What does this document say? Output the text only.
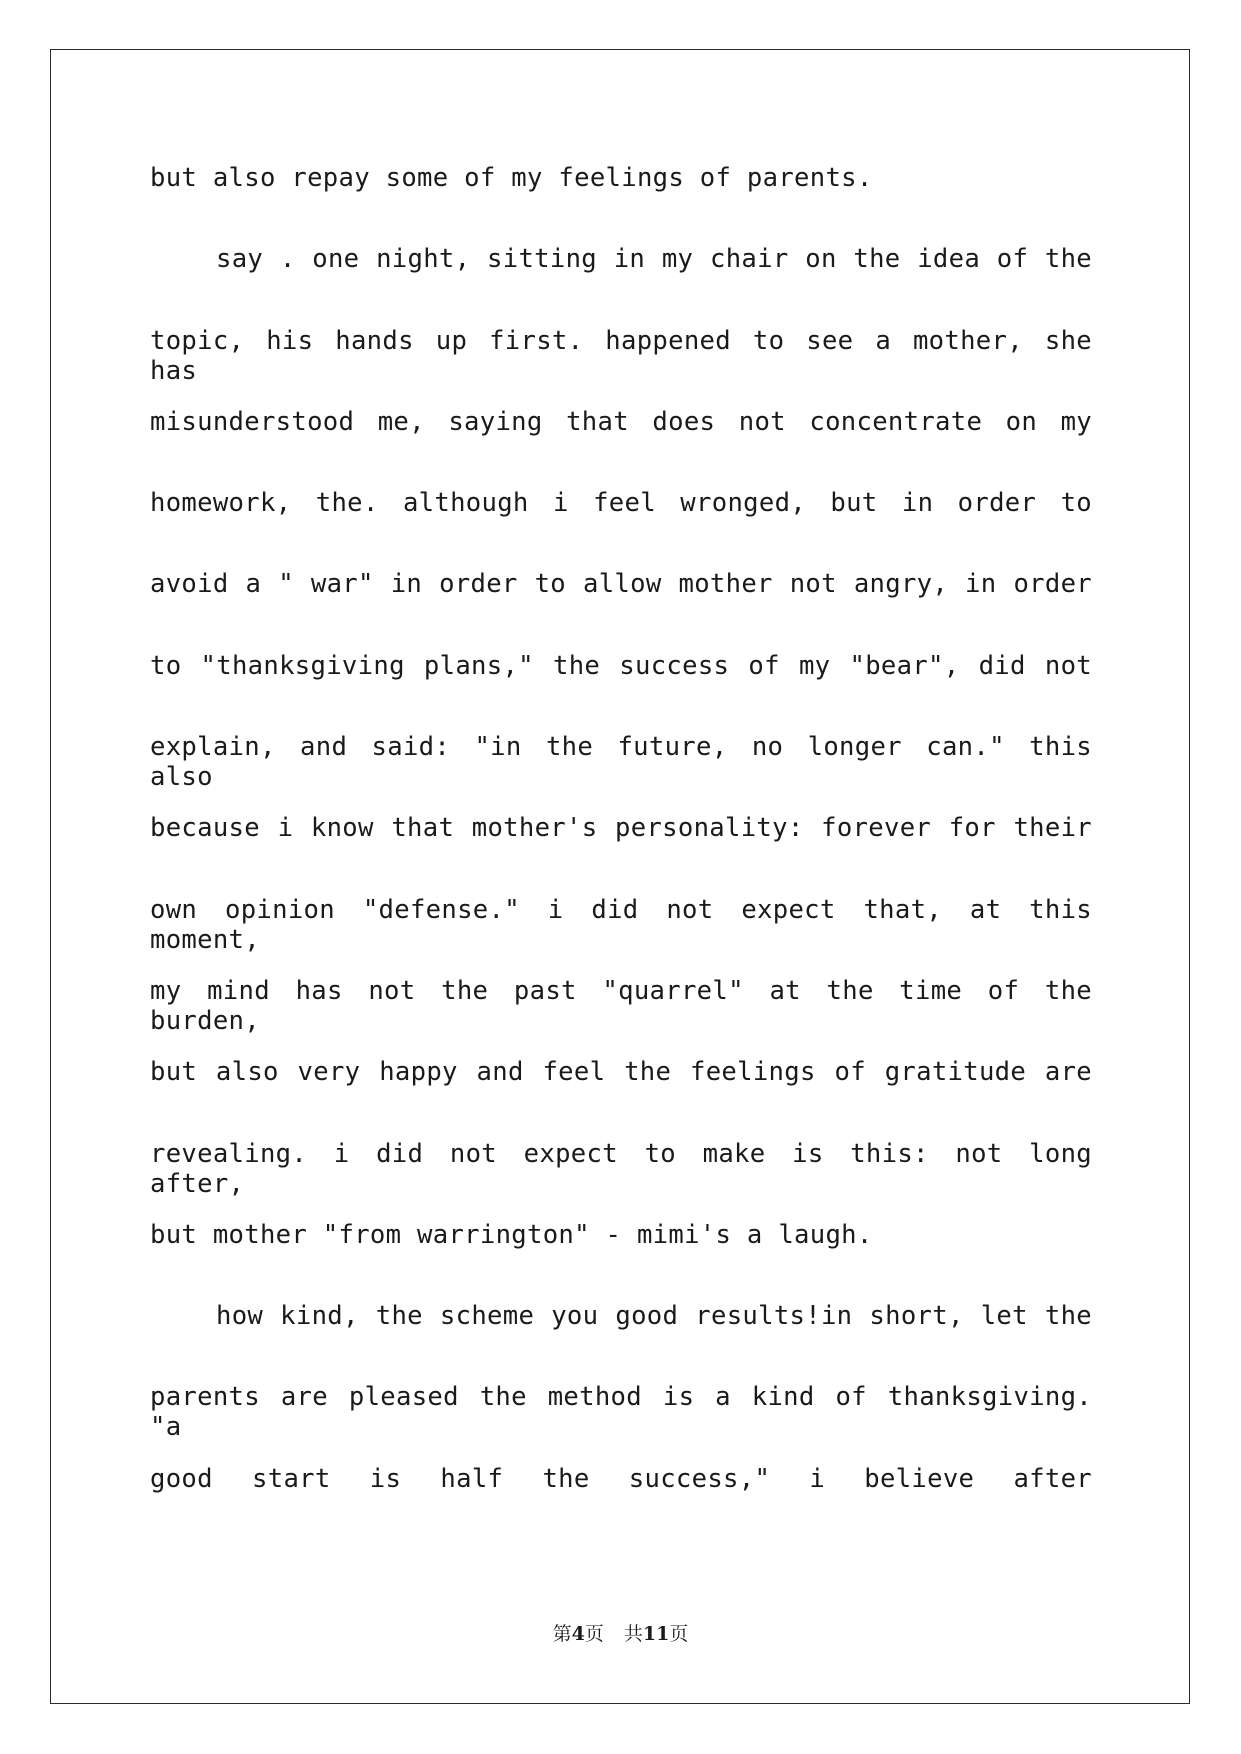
but also repay some of my feelings of parents.
say . one night, sitting in my chair on the idea of the
topic, his hands up first. happened to see a mother, she has
misunderstood me, saying that does not concentrate on my
homework, the. although i feel wronged, but in order to
avoid a " war" in order to allow mother not angry, in order
to "thanksgiving plans," the success of my "bear", did not
explain, and said: "in the future, no longer can." this also
because i know that mother's personality: forever for their
own opinion "defense." i did not expect that, at this moment,
my mind has not the past "quarrel" at the time of the burden,
but also very happy and feel the feelings of gratitude are
revealing. i did not expect to make is this: not long after,
but mother "from warrington" - mimi's a laugh.
how kind, the scheme you good results!in short, let the
parents are pleased the method is a kind of thanksgiving. "a
good start is half the success," i believe after
第4页 共11页
